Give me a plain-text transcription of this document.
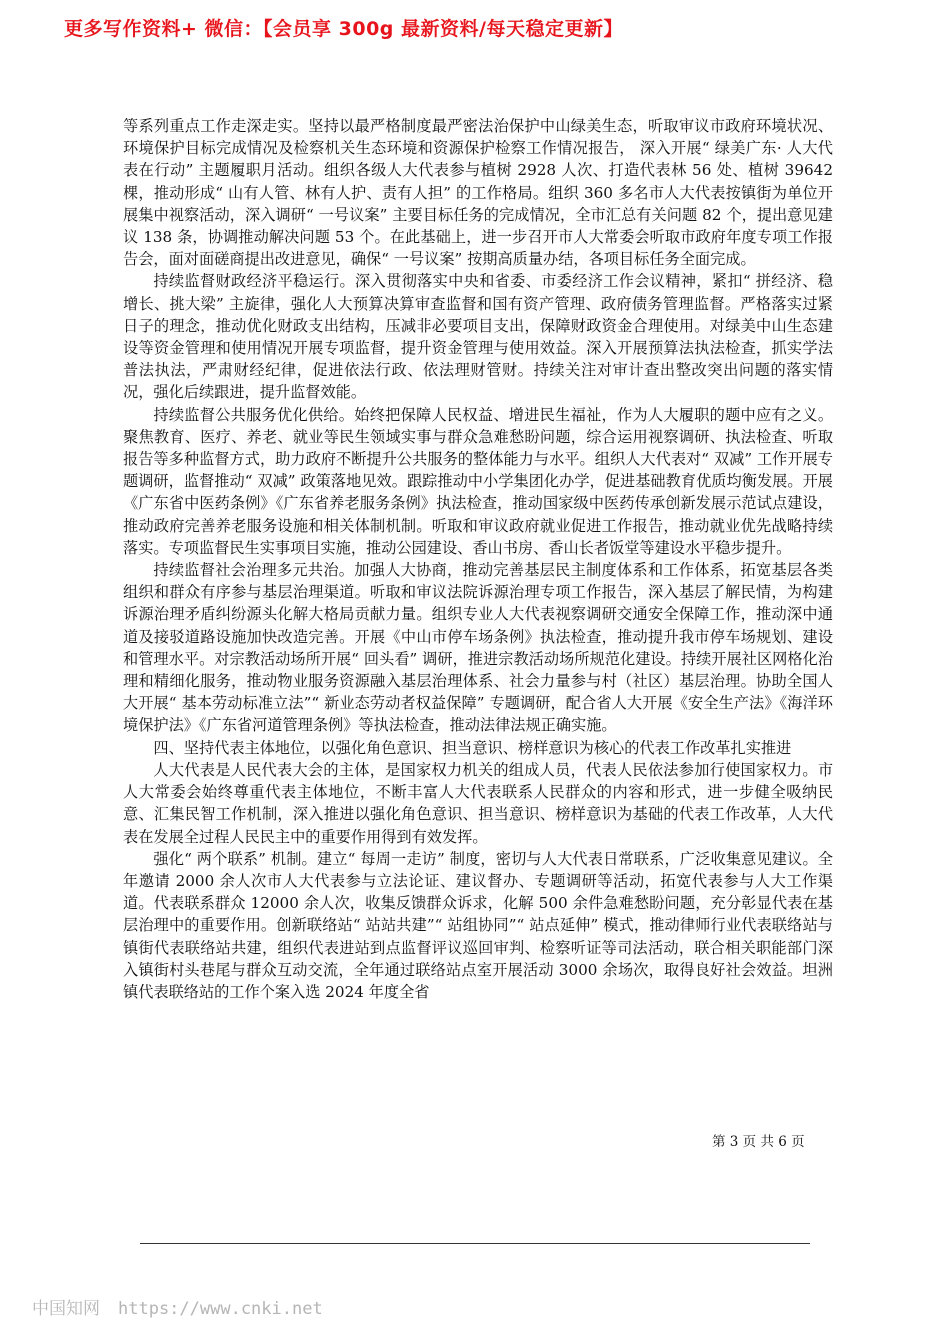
更多写作资料+ 微信：【会员享 300g 最新资料/每天稳定更新】

等系列重点工作走深走实。坚持以最严格制度最严密法治保护中山绿美生态，听取审议市政府环境状况、 环境保护目标完成情况及检察机关生态环境和资源保护检察工作情况报告， 深入开展“ 绿美广东· 人大代表在行动” 主题履职月活动。组织各级人大代表参与植树 2928 人次、打造代表林 56 处、植树 39642 棵，推动形成“ 山有人管、林有人护、责有人担” 的工作格局。组织 360 多名市人大代表按镇街为单位开展集中视察活动，深入调研“ 一号议案” 主要目标任务的完成情况，全市汇总有关问题 82 个，提出意见建议 138 条，协调推动解决问题 53 个。在此基础上，进一步召开市人大常委会听取市政府年度专项工作报告会，面对面磋商提出改进意见，确保“ 一号议案” 按期高质量办结，各项目标任务全面完成。

持续监督财政经济平稳运行。深入贯彻落实中央和省委、市委经济工作会议精神，紧扣“ 拼经济、稳增长、挑大梁” 主旋律，强化人大预算决算审查监督和国有资产管理、政府债务管理监督。严格落实过紧日子的理念，推动优化财政支出结构，压减非必要项目支出，保障财政资金合理使用。对绿美中山生态建设等资金管理和使用情况开展专项监督，提升资金管理与使用效益。深入开展预算法执法检查，抓实学法普法执法，严肃财经纪律，促进依法行政、依法理财管财。持续关注对审计查出整改突出问题的落实情况，强化后续跟进，提升监督效能。

持续监督公共服务优化供给。始终把保障人民权益、增进民生福祉，作为人大履职的题中应有之义。聚焦教育、医疗、养老、就业等民生领域实事与群众急难愁盼问题，综合运用视察调研、执法检查、听取报告等多种监督方式，助力政府不断提升公共服务的整体能力与水平。组织人大代表对“ 双减” 工作开展专题调研，监督推动“ 双减” 政策落地见效。跟踪推动中小学集团化办学，促进基础教育优质均衡发展。开展《广东省中医药条例》《广东省养老服务条例》执法检查，推动国家级中医药传承创新发展示范试点建设，推动政府完善养老服务设施和相关体制机制。听取和审议政府就业促进工作报告，推动就业优先战略持续落实。专项监督民生实事项目实施，推动公园建设、香山书房、香山长者饭堂等建设水平稳步提升。

持续监督社会治理多元共治。加强人大协商，推动完善基层民主制度体系和工作体系，拓宽基层各类组织和群众有序参与基层治理渠道。听取和审议法院诉源治理专项工作报告，深入基层了解民情，为构建诉源治理矛盾纠纷源头化解大格局贡献力量。组织专业人大代表视察调研交通安全保障工作，推动深中通道及接驳道路设施加快改造完善。开展《中山市停车场条例》执法检查，推动提升我市停车场规划、建设和管理水平。对宗教活动场所开展“ 回头看” 调研，推进宗教活动场所规范化建设。持续开展社区网格化治理和精细化服务，推动物业服务资源融入基层治理体系、社会力量参与村（社区）基层治理。协助全国人大开展“ 基本劳动标准立法”“ 新业态劳动者权益保障” 专题调研，配合省人大开展《安全生产法》《海洋环境保护法》《广东省河道管理条例》等执法检查，推动法律法规正确实施。

四、坚持代表主体地位，以强化角色意识、担当意识、榜样意识为核心的代表工作改革扎实推进

人大代表是人民代表大会的主体，是国家权力机关的组成人员，代表人民依法参加行使国家权力。市人大常委会始终尊重代表主体地位，不断丰富人大代表联系人民群众的内容和形式，进一步健全吸纳民意、汇集民智工作机制，深入推进以强化角色意识、担当意识、榜样意识为基础的代表工作改革，人大代表在发展全过程人民民主中的重要作用得到有效发挥。

强化“ 两个联系” 机制。建立“ 每周一走访” 制度，密切与人大代表日常联系，广泛收集意见建议。全年邀请 2000 余人次市人大代表参与立法论证、建议督办、专题调研等活动，拓宽代表参与人大工作渠道。代表联系群众 12000 余人次，收集反馈群众诉求，化解 500 余件急难愁盼问题，充分彰显代表在基层治理中的重要作用。创新联络站“ 站站共建”“ 站组协同”“ 站点延伸” 模式，推动律师行业代表联络站与镇街代表联络站共建，组织代表进站到点监督评议巡回审判、检察听证等司法活动，联合相关职能部门深入镇街村头巷尾与群众互动交流，全年通过联络站点室开展活动 3000 余场次，取得良好社会效益。坦洲镇代表联络站的工作个案入选 2024 年度全省

第 3 页 共 6 页
中国知网 https://www.cnki.net
